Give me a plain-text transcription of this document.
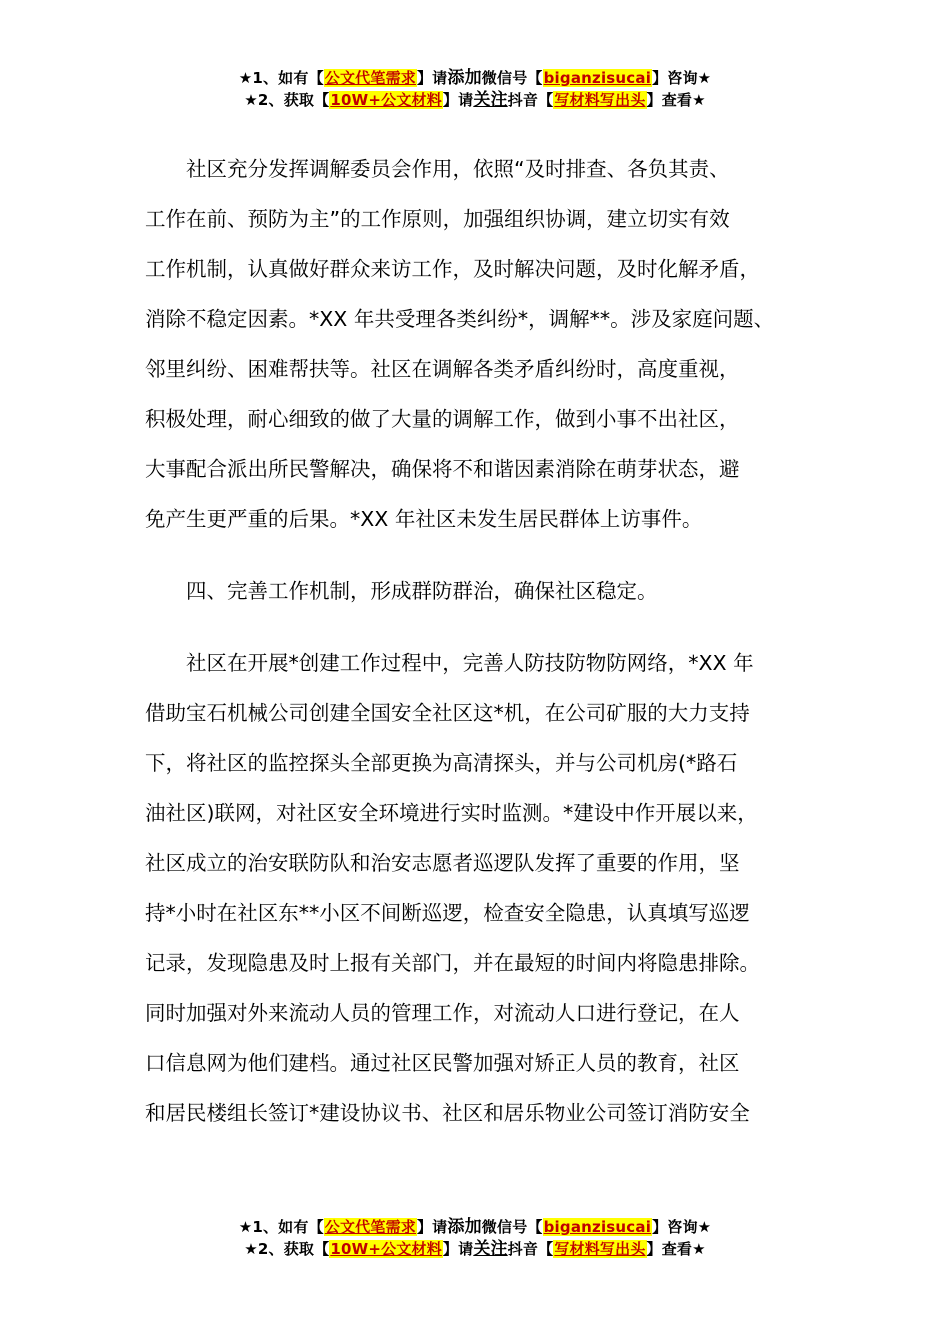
★1、如有【公文代笔需求】请添加微信号【biganzisucai】咨询★
★2、获取【10W+公文材料】请关注抖音【写材料写出头】查看★

　　社区充分发挥调解委员会作用，依照“及时排查、各负其责、

工作在前、预防为主”的工作原则，加强组织协调，建立切实有效

工作机制，认真做好群众来访工作，及时解决问题，及时化解矛盾，

消除不稳定因素。*XX 年共受理各类纠纷*，调解**。涉及家庭问题、

邻里纠纷、困难帮扶等。社区在调解各类矛盾纠纷时，高度重视，

积极处理，耐心细致的做了大量的调解工作，做到小事不出社区，

大事配合派出所民警解决，确保将不和谐因素消除在萌芽状态，避

免产生更严重的后果。*XX 年社区未发生居民群体上访事件。

　　四、完善工作机制，形成群防群治，确保社区稳定。

　　社区在开展*创建工作过程中，完善人防技防物防网络，*XX 年

借助宝石机械公司创建全国安全社区这*机，在公司矿服的大力支持

下，将社区的监控探头全部更换为高清探头，并与公司机房(*路石

油社区)联网，对社区安全环境进行实时监测。*建设中作开展以来，

社区成立的治安联防队和治安志愿者巡逻队发挥了重要的作用，坚

持*小时在社区东**小区不间断巡逻，检查安全隐患，认真填写巡逻

记录，发现隐患及时上报有关部门，并在最短的时间内将隐患排除。

同时加强对外来流动人员的管理工作，对流动人口进行登记，在人

口信息网为他们建档。通过社区民警加强对矫正人员的教育，社区

和居民楼组长签订*建设协议书、社区和居乐物业公司签订消防安全

★1、如有【公文代笔需求】请添加微信号【biganzisucai】咨询★
★2、获取【10W+公文材料】请关注抖音【写材料写出头】查看★
